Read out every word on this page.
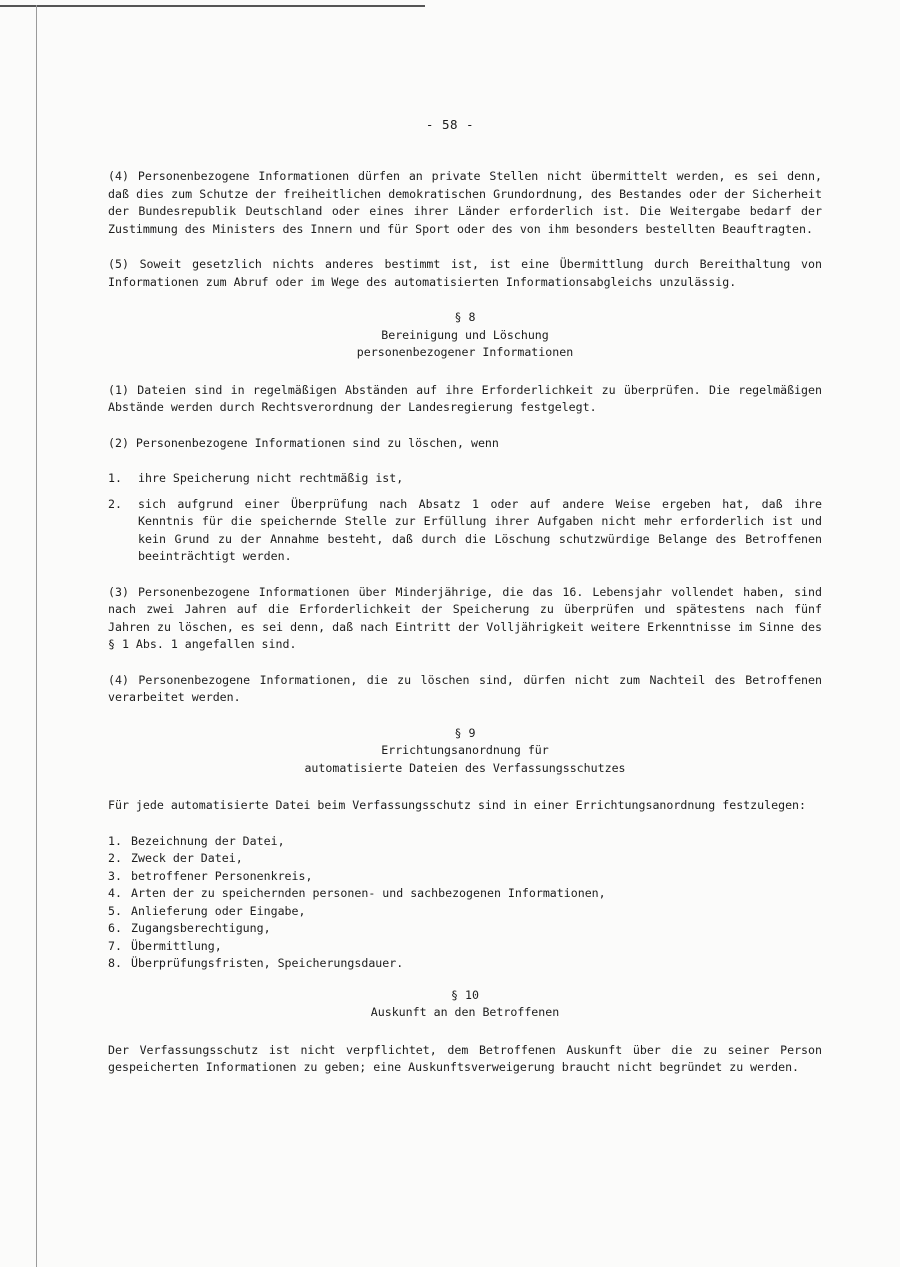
- 58 -

(4) Personenbezogene Informationen dürfen an private Stellen nicht übermittelt werden, es sei denn, daß dies zum Schutze der freiheitlichen demokratischen Grundordnung, des Bestandes oder der Sicherheit der Bundesrepublik Deutschland oder eines ihrer Länder erforderlich ist. Die Weitergabe bedarf der Zustimmung des Ministers des Innern und für Sport oder des von ihm besonders bestellten Beauftragten.

(5) Soweit gesetzlich nichts anderes bestimmt ist, ist eine Übermittlung durch Bereithaltung von Informationen zum Abruf oder im Wege des automatisierten Informationsabgleichs unzulässig.

§ 8
Bereinigung und Löschung
personenbezogener Informationen

(1) Dateien sind in regelmäßigen Abständen auf ihre Erforderlichkeit zu überprüfen. Die regelmäßigen Abstände werden durch Rechtsverordnung der Landesregierung festgelegt.

(2) Personenbezogene Informationen sind zu löschen, wenn

1.	ihre Speicherung nicht rechtmäßig ist,
2.	sich aufgrund einer Überprüfung nach Absatz 1 oder auf andere Weise ergeben hat, daß ihre Kenntnis für die speichernde Stelle zur Erfüllung ihrer Aufgaben nicht mehr erforderlich ist und kein Grund zu der Annahme besteht, daß durch die Löschung schutzwürdige Belange des Betroffenen beeinträchtigt werden.

(3) Personenbezogene Informationen über Minderjährige, die das 16. Lebensjahr vollendet haben, sind nach zwei Jahren auf die Erforderlichkeit der Speicherung zu überprüfen und spätestens nach fünf Jahren zu löschen, es sei denn, daß nach Eintritt der Volljährigkeit weitere Erkenntnisse im Sinne des § 1 Abs. 1 angefallen sind.

(4) Personenbezogene Informationen, die zu löschen sind, dürfen nicht zum Nachteil des Betroffenen verarbeitet werden.

§ 9
Errichtungsanordnung für
automatisierte Dateien des Verfassungsschutzes

Für jede automatisierte Datei beim Verfassungsschutz sind in einer Errichtungsanordnung festzulegen:

1. Bezeichnung der Datei,
2. Zweck der Datei,
3. betroffener Personenkreis,
4. Arten der zu speichernden personen- und sachbezogenen Informationen,
5. Anlieferung oder Eingabe,
6. Zugangsberechtigung,
7. Übermittlung,
8. Überprüfungsfristen, Speicherungsdauer.
§ 10
Auskunft an den Betroffenen

Der Verfassungsschutz ist nicht verpflichtet, dem Betroffenen Auskunft über die zu seiner Person gespeicherten Informationen zu geben; eine Auskunftsverweigerung braucht nicht begründet zu werden.
